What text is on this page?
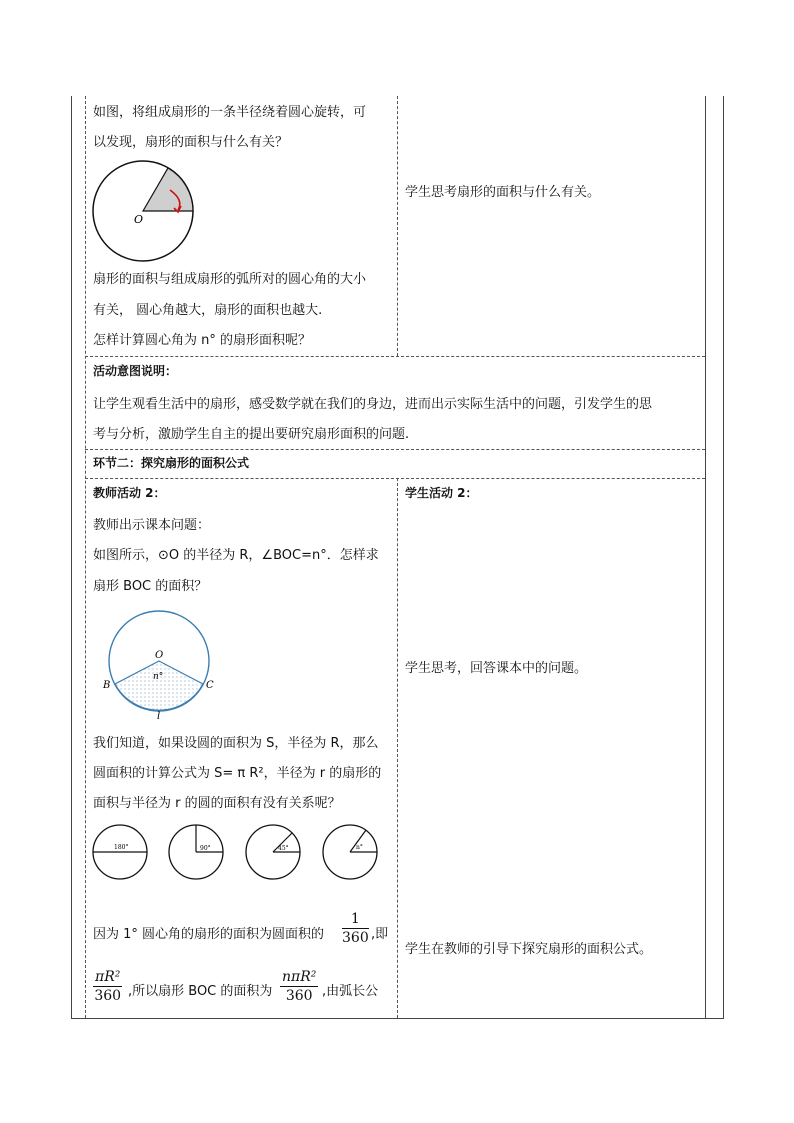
如图，将组成扇形的一条半径绕着圆心旋转，可
以发现，扇形的面积与什么有关？
O
扇形的面积与组成扇形的弧所对的圆心角的大小
有关， 圆心角越大，扇形的面积也越大.
怎样计算圆心角为 n° 的扇形面积呢？
学生思考扇形的面积与什么有关。
活动意图说明：
让学生观看生活中的扇形，感受数学就在我们的身边，进而出示实际生活中的问题，引发学生的思
考与分析，激励学生自主的提出要研究扇形面积的问题.
环节二：探究扇形的面积公式
教师活动 2：
教师出示课本问题：
如图所示，⊙O 的半径为 R，∠BOC=n°．怎样求
扇形 BOC 的面积？
O
n°
B	C
l
我们知道，如果设圆的面积为 S，半径为 R，那么
圆面积的计算公式为 S= π R²，半径为 r 的扇形的
面积与半径为 r 的圆的面积有没有关系呢？
180°	90°	45°	n°
因为 1° 圆心角的扇形的面积为圆面积的 $\frac{1}{360}$ ,即
$\frac{\text{πR²}}{360}$ ,所以扇形 BOC 的面积为
nπR²
360 ,由弧长公
学生活动 2：
学生思考，回答课本中的问题。
学生在教师的引导下探究扇形的面积公式。
